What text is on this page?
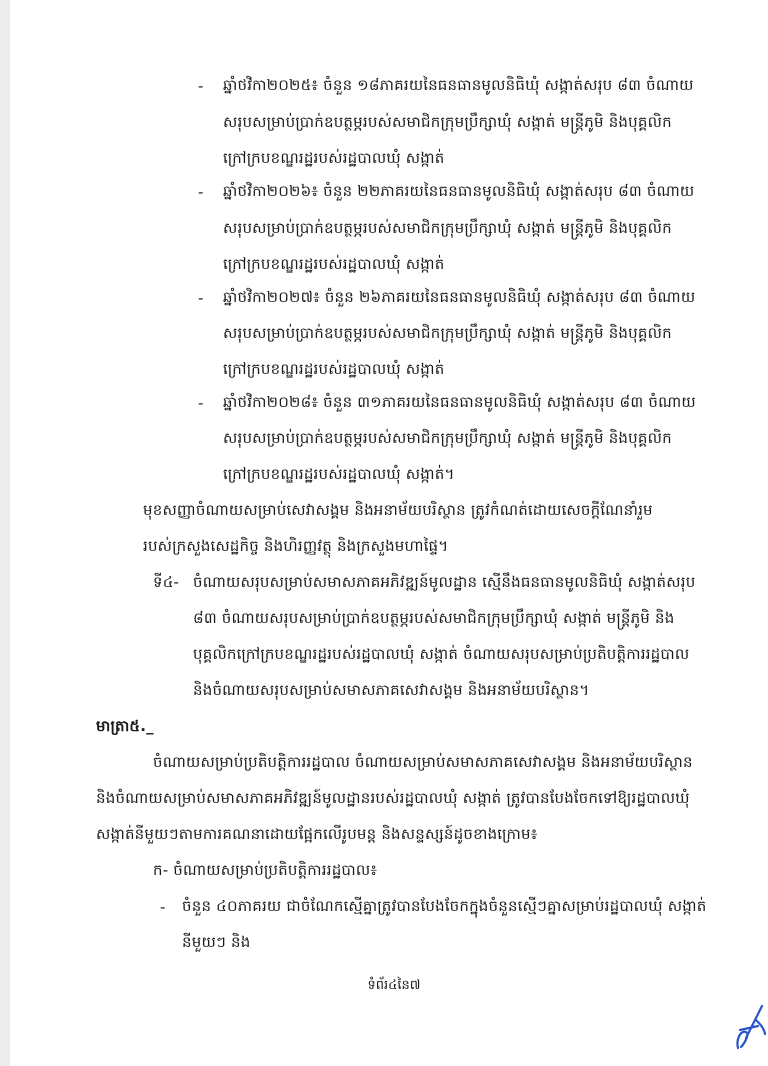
- ឆ្នាំថវិកា២០២៥៖ ចំនួន ១៨ភាគរយនៃធនធានមូលនិធិឃុំ សង្កាត់សរុប ៨៣ ចំណាយ
សរុបសម្រាប់ប្រាក់ឧបត្ថម្ភរបស់សមាជិកក្រុមប្រឹក្សាឃុំ សង្កាត់ មន្ត្រីភូមិ និងបុគ្គលិក
ក្រៅក្របខណ្ឌរដ្ឋរបស់រដ្ឋបាលឃុំ សង្កាត់
- ឆ្នាំថវិកា២០២៦៖ ចំនួន ២២ភាគរយនៃធនធានមូលនិធិឃុំ សង្កាត់សរុប ៨៣ ចំណាយ
សរុបសម្រាប់ប្រាក់ឧបត្ថម្ភរបស់សមាជិកក្រុមប្រឹក្សាឃុំ សង្កាត់ មន្ត្រីភូមិ និងបុគ្គលិក
ក្រៅក្របខណ្ឌរដ្ឋរបស់រដ្ឋបាលឃុំ សង្កាត់
- ឆ្នាំថវិកា២០២៧៖ ចំនួន ២៦ភាគរយនៃធនធានមូលនិធិឃុំ សង្កាត់សរុប ៨៣ ចំណាយ
សរុបសម្រាប់ប្រាក់ឧបត្ថម្ភរបស់សមាជិកក្រុមប្រឹក្សាឃុំ សង្កាត់ មន្ត្រីភូមិ និងបុគ្គលិក
ក្រៅក្របខណ្ឌរដ្ឋរបស់រដ្ឋបាលឃុំ សង្កាត់
- ឆ្នាំថវិកា២០២៨៖ ចំនួន ៣១ភាគរយនៃធនធានមូលនិធិឃុំ សង្កាត់សរុប ៨៣ ចំណាយ
សរុបសម្រាប់ប្រាក់ឧបត្ថម្ភរបស់សមាជិកក្រុមប្រឹក្សាឃុំ សង្កាត់ មន្ត្រីភូមិ និងបុគ្គលិក
ក្រៅក្របខណ្ឌរដ្ឋរបស់រដ្ឋបាលឃុំ សង្កាត់។
មុខសញ្ញាចំណាយសម្រាប់សេវាសង្គម និងអនាម័យបរិស្ថាន ត្រូវកំណត់ដោយសេចក្តីណែនាំរួម
របស់ក្រសួងសេដ្ឋកិច្ច និងហិរញ្ញវត្ថុ និងក្រសួងមហាផ្ទៃ។
ទី៤- ចំណាយសរុបសម្រាប់សមាសភាគអភិវឌ្ឍន៍មូលដ្ឋាន ស្មើនឹងធនធានមូលនិធិឃុំ សង្កាត់សរុប
៨៣ ចំណាយសរុបសម្រាប់ប្រាក់ឧបត្ថម្ភរបស់សមាជិកក្រុមប្រឹក្សាឃុំ សង្កាត់ មន្ត្រីភូមិ និង
បុគ្គលិកក្រៅក្របខណ្ឌរដ្ឋរបស់រដ្ឋបាលឃុំ សង្កាត់ ចំណាយសរុបសម្រាប់ប្រតិបត្តិការរដ្ឋបាល
និងចំណាយសរុបសម្រាប់សមាសភាគសេវាសង្គម និងអនាម័យបរិស្ថាន។
មាត្រា៥._
ចំណាយសម្រាប់ប្រតិបត្តិការរដ្ឋបាល ចំណាយសម្រាប់សមាសភាគសេវាសង្គម និងអនាម័យបរិស្ថាន
និងចំណាយសម្រាប់សមាសភាគអភិវឌ្ឍន៍មូលដ្ឋានរបស់រដ្ឋបាលឃុំ សង្កាត់ ត្រូវបានបែងចែកទៅឱ្យរដ្ឋបាលឃុំ
សង្កាត់នីមួយៗតាមការគណនាដោយផ្អែកលើរូបមន្ត និងសន្ទស្សន៍ដូចខាងក្រោម៖
ក- ចំណាយសម្រាប់ប្រតិបត្តិការរដ្ឋបាល៖
- ចំនួន ៤០ភាគរយ ជាចំណែកស្មើគ្នាត្រូវបានបែងចែកក្នុងចំនួនស្មើៗគ្នាសម្រាប់រដ្ឋបាលឃុំ សង្កាត់
នីមួយៗ និង
ទំព័រ៤នៃ៧
